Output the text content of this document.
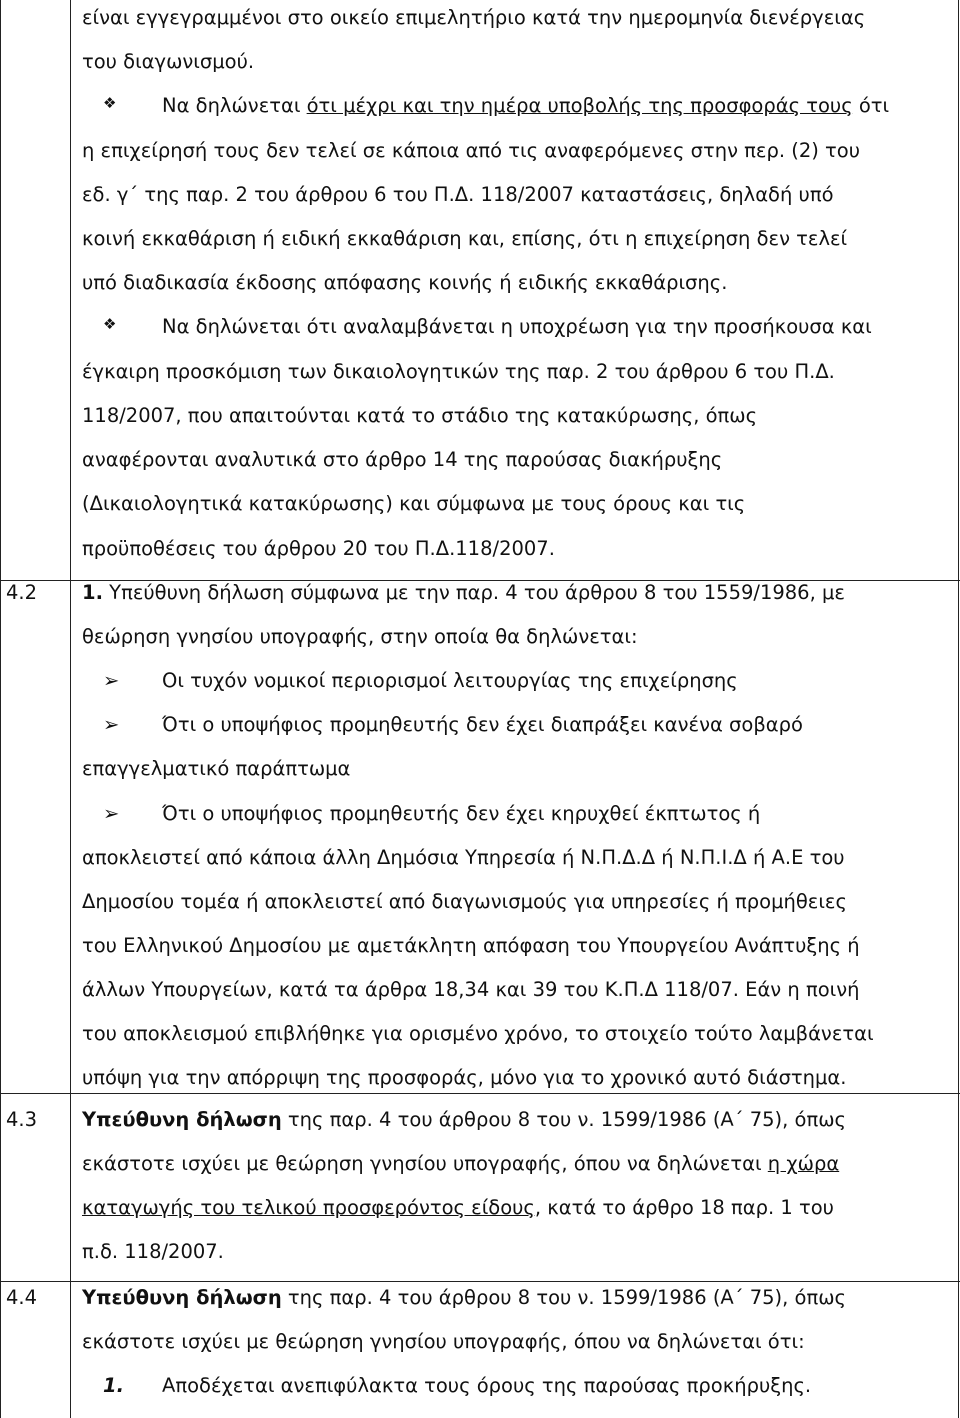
είναι εγγεγραμμένοι στο οικείο επιμελητήριο κατά την ημερομηνία διενέργειας
του διαγωνισμού.
❖	Να δηλώνεται ότι μέχρι και την ημέρα υποβολής της προσφοράς τους ότι
η επιχείρησή τους δεν τελεί σε κάποια από τις αναφερόμενες στην περ. (2) του
εδ. γ΄ της παρ. 2 του άρθρου 6 του Π.Δ. 118/2007 καταστάσεις, δηλαδή υπό
κοινή εκκαθάριση ή ειδική εκκαθάριση και, επίσης, ότι η επιχείρηση δεν τελεί
υπό διαδικασία έκδοσης απόφασης κοινής ή ειδικής εκκαθάρισης.
❖	Να δηλώνεται ότι αναλαμβάνεται η υποχρέωση για την προσήκουσα και
έγκαιρη προσκόμιση των δικαιολογητικών της παρ. 2 του άρθρου 6 του Π.Δ.
118/2007, που απαιτούνται κατά το στάδιο της κατακύρωσης, όπως
αναφέρονται αναλυτικά στο άρθρο 14 της παρούσας διακήρυξης
(Δικαιολογητικά κατακύρωσης) και σύμφωνα με τους όρους και τις
προϋποθέσεις του άρθρου 20 του Π.Δ.118/2007.
4.2 1. Υπεύθυνη δήλωση σύμφωνα με την παρ. 4 του άρθρου 8 του 1559/1986, με
θεώρηση γνησίου υπογραφής, στην οποία θα δηλώνεται:
➢	Οι τυχόν νομικοί περιορισμοί λειτουργίας της επιχείρησης
➢	Ότι ο υποψήφιος προμηθευτής δεν έχει διαπράξει κανένα σοβαρό
επαγγελματικό παράπτωμα
➢	Ότι ο υποψήφιος προμηθευτής δεν έχει κηρυχθεί έκπτωτος ή
αποκλειστεί από κάποια άλλη Δημόσια Υπηρεσία ή Ν.Π.Δ.Δ ή Ν.Π.Ι.Δ ή Α.Ε του
Δημοσίου τομέα ή αποκλειστεί από διαγωνισμούς για υπηρεσίες ή προμήθειες
του Ελληνικού Δημοσίου με αμετάκλητη απόφαση του Υπουργείου Ανάπτυξης ή
άλλων Υπουργείων, κατά τα άρθρα 18,34 και 39 του Κ.Π.Δ 118/07. Εάν η ποινή
του αποκλεισμού επιβλήθηκε για ορισμένο χρόνο, το στοιχείο τούτο λαμβάνεται
υπόψη για την απόρριψη της προσφοράς, μόνο για το χρονικό αυτό διάστημα.
4.3 Υπεύθυνη δήλωση της παρ. 4 του άρθρου 8 του ν. 1599/1986 (Α΄ 75), όπως
εκάστοτε ισχύει με θεώρηση γνησίου υπογραφής, όπου να δηλώνεται η χώρα
καταγωγής του τελικού προσφερόντος είδους, κατά το άρθρο 18 παρ. 1 του
π.δ. 118/2007.
4.4 Υπεύθυνη δήλωση της παρ. 4 του άρθρου 8 του ν. 1599/1986 (Α΄ 75), όπως
εκάστοτε ισχύει με θεώρηση γνησίου υπογραφής, όπου να δηλώνεται ότι:
1.	Αποδέχεται ανεπιφύλακτα τους όρους της παρούσας προκήρυξης.
